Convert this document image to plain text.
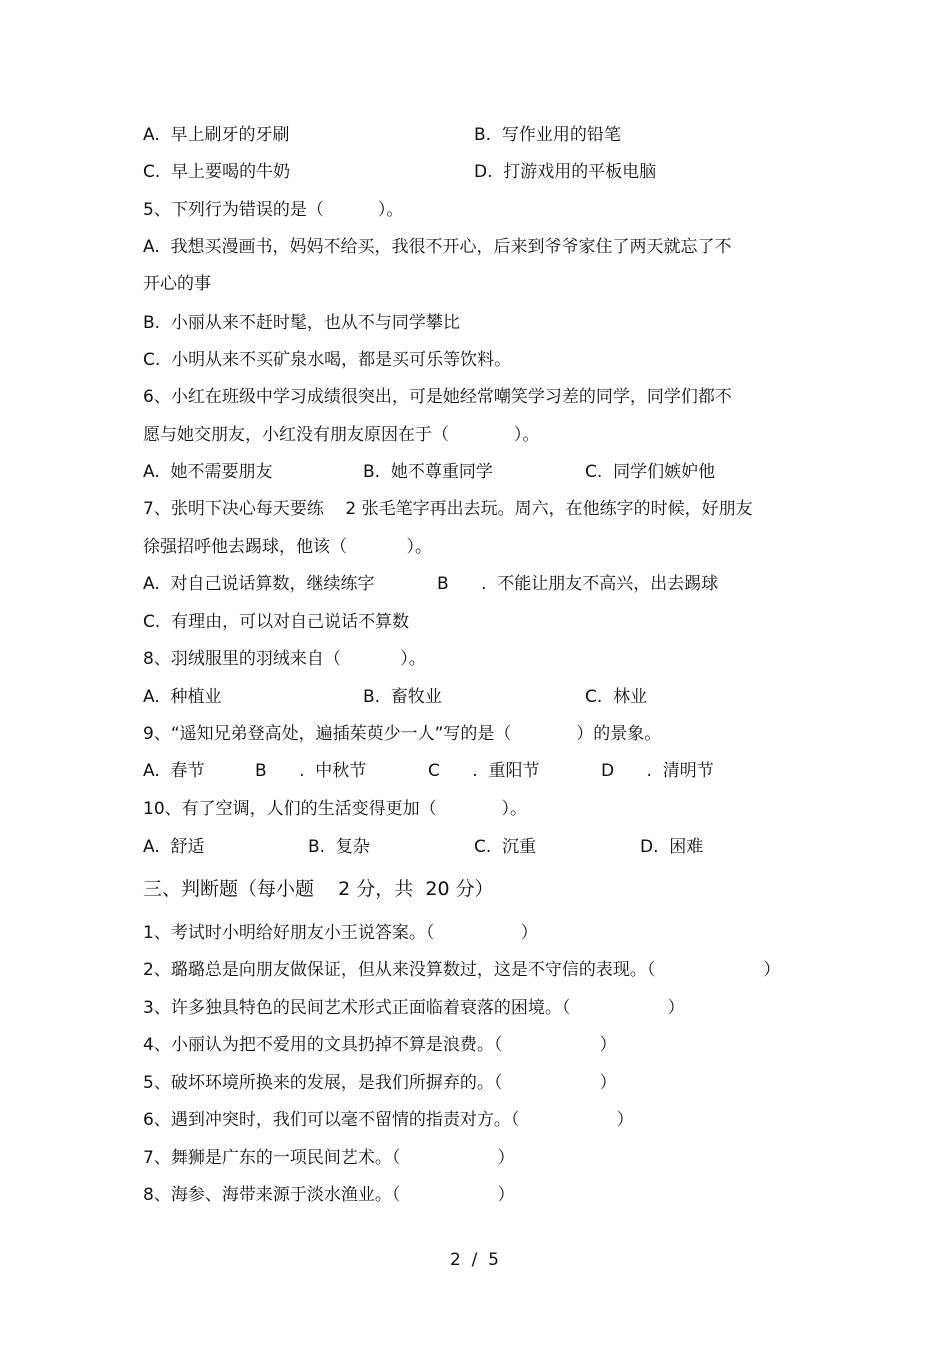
A.  早上刷牙的牙刷	B.  写作业用的铅笔
C.  早上要喝的牛奶	D.  打游戏用的平板电脑
5、下列行为错误的是（          ）。
A.  我想买漫画书，妈妈不给买，我很不开心，后来到爷爷家住了两天就忘了不
开心的事
B.  小丽从来不赶时髦，也从不与同学攀比
C.  小明从来不买矿泉水喝，都是买可乐等饮料。
6、小红在班级中学习成绩很突出，可是她经常嘲笑学习差的同学，同学们都不
愿与她交朋友，小红没有朋友原因在于（            ）。
A.  她不需要朋友	B.  她不尊重同学	C.  同学们嫉妒他
7、张明下决心每天要练    2 张毛笔字再出去玩。周六，在他练字的时候，好朋友
徐强招呼他去踢球，他该（           ）。
A.  对自己说话算数，继续练字	B      .  不能让朋友不高兴，出去踢球
C.  有理由，可以对自己说话不算数
8、羽绒服里的羽绒来自（           ）。
A.  种植业	B.  畜牧业	C.  林业
9、“遥知兄弟登高处，遍插茱萸少一人”写的是（            ）的景象。
A.  春节	B      .  中秋节	C      .  重阳节	D      .  清明节
10、有了空调，人们的生活变得更加（            ）。
A.  舒适	B.  复杂	C.  沉重	D.  困难
三、判断题（每小题    2 分，共  20 分）
1、考试时小明给好朋友小王说答案。（                ）
2、璐璐总是向朋友做保证，但从来没算数过，这是不守信的表现。（                    ）
3、许多独具特色的民间艺术形式正面临着衰落的困境。（                  ）
4、小丽认为把不爱用的文具扔掉不算是浪费。（                  ）
5、破坏环境所换来的发展，是我们所摒弃的。（                  ）
6、遇到冲突时，我们可以毫不留情的指责对方。（                  ）
7、舞狮是广东的一项民间艺术。（                  ）
8、海参、海带来源于淡水渔业。（                  ）
2  /  5
